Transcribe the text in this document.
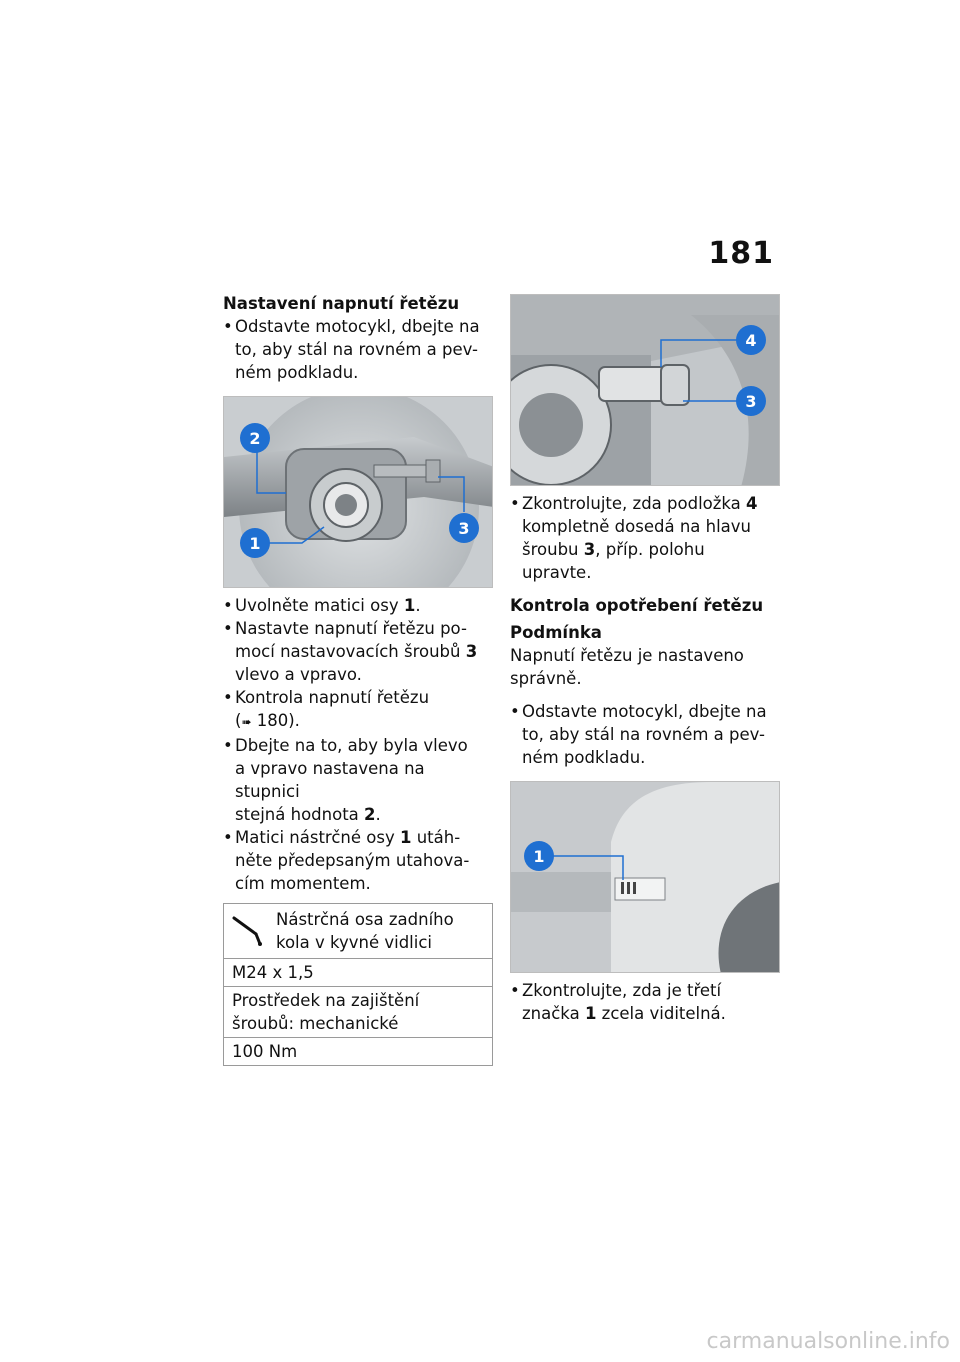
181

Nastavení napnutí řetězu

• Odstavte motocykl, dbejte na
to, aby stál na rovném a pev-
ném podkladu.
2
1
3
• Uvolněte matici osy 1.
• Nastavte napnutí řetězu po-
mocí nastavovacích šroubů 3
vlevo a vpravo.
• Kontrola napnutí řetězu
(➠ 180).
• Dbejte na to, aby byla vlevo
a vpravo nastavena na stupnici
stejná hodnota 2.
• Matici nástrčné osy 1 utáh-
něte předepsaným utahova-
cím momentem.
Nástrčná osa zadního
kola v kyvné vidlici
M24 x 1,5
Prostředek na zajištění
šroubů: mechanické
100 Nm
4
3
• Zkontrolujte, zda podložka 4
kompletně dosedá na hlavu
šroubu 3, příp. polohu
upravte.

Kontrola opotřebení řetězu

Podmínka

Napnutí řetězu je nastaveno
správně.

• Odstavte motocykl, dbejte na
to, aby stál na rovném a pev-
ném podkladu.
1
• Zkontrolujte, zda je třetí
značka 1 zcela viditelná.
carmanualsonline.info
